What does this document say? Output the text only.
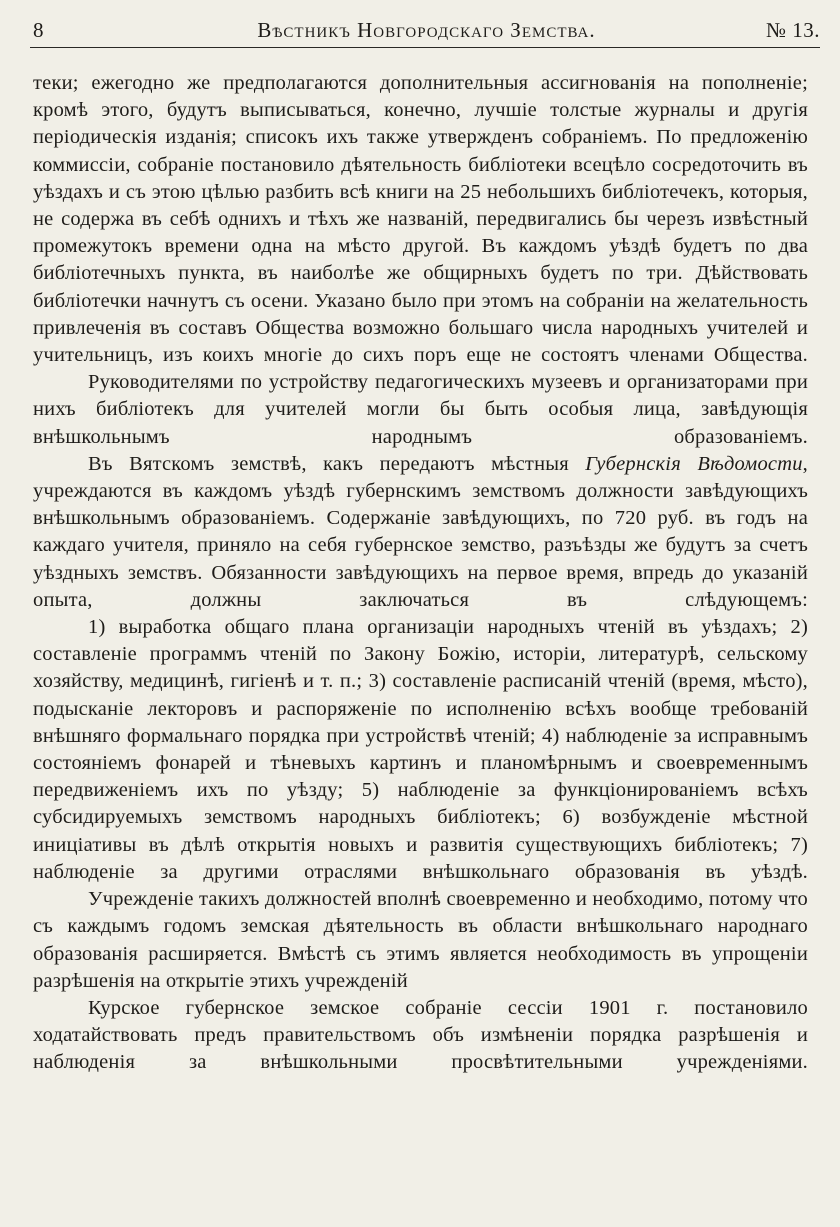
8	Вѣстникъ Новгородскаго Земства.	№ 13.

теки; ежегодно же предполагаются дополнительныя ассигнованія на пополненіе; кромѣ этого, будутъ выписываться, конечно, лучшіе толстые журналы и другія періодическія изданія; списокъ ихъ также утвержденъ собраніемъ. По предложенію коммиссіи, собраніе постановило дѣятельность библіотеки всецѣло сосредоточить въ уѣздахъ и съ этою цѣлью разбить всѣ книги на 25 небольшихъ библіотечекъ, которыя, не содержа въ себѣ однихъ и тѣхъ же названій, передвигались бы черезъ извѣстный промежутокъ времени одна на мѣсто другой. Въ каждомъ уѣздѣ будетъ по два библіотечныхъ пункта, въ наиболѣе же общирныхъ будетъ по три. Дѣйствовать библіотечки начнутъ съ осени. Указано было при этомъ на собраніи на желательность привлеченія въ составъ Общества возможно большаго числа народныхъ учителей и учительницъ, изъ коихъ многіе до сихъ поръ еще не состоятъ членами Общества.

Руководителями по устройству педагогическихъ музеевъ и организаторами при нихъ библіотекъ для учителей могли бы быть особыя лица, завѣдующія внѣшкольнымъ народнымъ образованіемъ.

Въ Вятскомъ земствѣ, какъ передаютъ мѣстныя Губернскія Вѣдомости, учреждаются въ каждомъ уѣздѣ губернскимъ земствомъ должности завѣдующихъ внѣшкольнымъ образованіемъ. Содержаніе завѣдующихъ, по 720 руб. въ годъ на каждаго учителя, приняло на себя губернское земство, разъѣзды же будутъ за счетъ уѣздныхъ земствъ. Обязанности завѣдующихъ на первое время, впредь до указаній опыта, должны заключаться въ слѣдующемъ:

1) выработка общаго плана организаціи народныхъ чтеній въ уѣздахъ; 2) составленіе программъ чтеній по Закону Божію, исторіи, литературѣ, сельскому хозяйству, медицинѣ, гигіенѣ и т. п.; 3) составленіе расписаній чтеній (время, мѣсто), подысканіе лекторовъ и распоряженіе по исполненію всѣхъ вообще требованій внѣшняго формальнаго порядка при устройствѣ чтеній; 4) наблюденіе за исправнымъ состояніемъ фонарей и тѣневыхъ картинъ и планомѣрнымъ и своевременнымъ передвиженіемъ ихъ по уѣзду; 5) наблюденіе за функціонированіемъ всѣхъ субсидируемыхъ земствомъ народныхъ библіотекъ; 6) возбужденіе мѣстной иниціативы въ дѣлѣ открытія новыхъ и развитія существующихъ библіотекъ; 7) наблюденіе за другими отраслями внѣшкольнаго образованія въ уѣздѣ.

Учрежденіе такихъ должностей вполнѣ своевременно и необходимо, потому что съ каждымъ годомъ земская дѣятельность въ области внѣшкольнаго народнаго образованія расширяется. Вмѣстѣ съ этимъ является необходимость въ упрощеніи разрѣшенія на открытіе этихъ учрежденій

Курское губернское земское собраніе сессіи 1901 г. постановило ходатайствовать предъ правительствомъ объ измѣненіи порядка разрѣшенія и наблюденія за внѣшкольными просвѣтительными учрежденіями.
